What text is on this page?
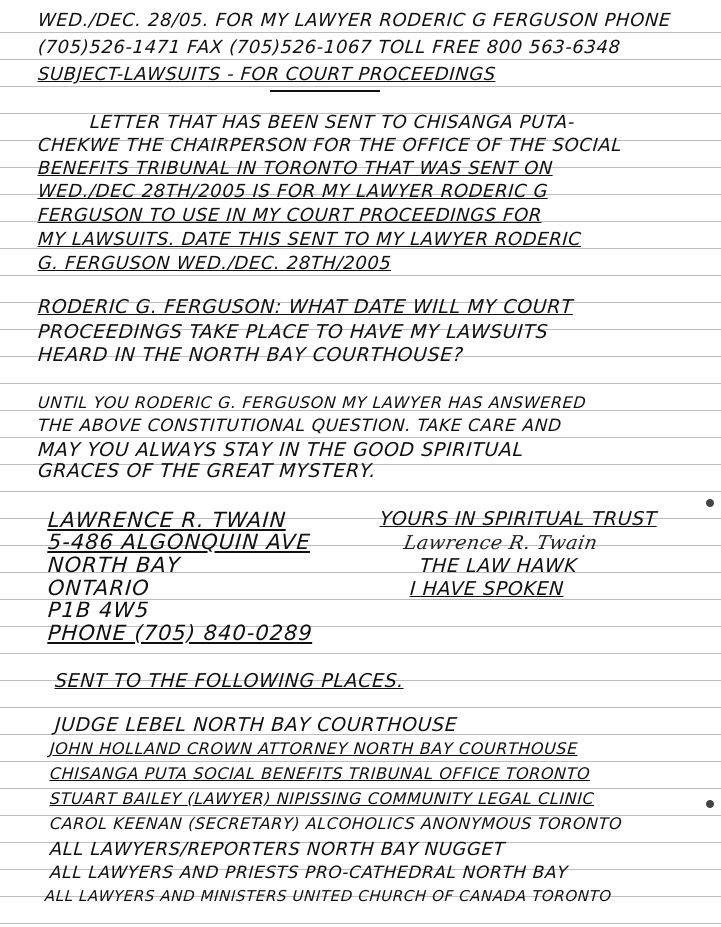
WED./DEC. 28/05. FOR MY LAWYER RODERIC G FERGUSON PHONE
(705)526-1471 FAX (705)526-1067 TOLL FREE 800 563-6348
SUBJECT-LAWSUITS - FOR COURT PROCEEDINGS
LETTER THAT HAS BEEN SENT TO CHISANGA PUTA-
CHEKWE THE CHAIRPERSON FOR THE OFFICE OF THE SOCIAL
BENEFITS TRIBUNAL IN TORONTO THAT WAS SENT ON
WED./DEC 28TH/2005 IS FOR MY LAWYER RODERIC G
FERGUSON TO USE IN MY COURT PROCEEDINGS FOR
MY LAWSUITS. DATE THIS SENT TO MY LAWYER RODERIC
G. FERGUSON WED./DEC. 28TH/2005
RODERIC G. FERGUSON: WHAT DATE WILL MY COURT
PROCEEDINGS TAKE PLACE TO HAVE MY LAWSUITS
HEARD IN THE NORTH BAY COURTHOUSE?
UNTIL YOU RODERIC G. FERGUSON MY LAWYER HAS ANSWERED
THE ABOVE CONSTITUTIONAL QUESTION. TAKE CARE AND
MAY YOU ALWAYS STAY IN THE GOOD SPIRITUAL
GRACES OF THE GREAT MYSTERY.
LAWRENCE R. TWAIN
5-486 ALGONQUIN AVE
NORTH BAY
ONTARIO
P1B 4W5
PHONE (705) 840-0289
YOURS IN SPIRITUAL TRUST
Lawrence R. Twain
THE LAW HAWK
I HAVE SPOKEN
SENT TO THE FOLLOWING PLACES.
JUDGE LEBEL NORTH BAY COURTHOUSE
JOHN HOLLAND CROWN ATTORNEY NORTH BAY COURTHOUSE
CHISANGA PUTA SOCIAL BENEFITS TRIBUNAL OFFICE TORONTO
STUART BAILEY (LAWYER) NIPISSING COMMUNITY LEGAL CLINIC
CAROL KEENAN (SECRETARY) ALCOHOLICS ANONYMOUS TORONTO
ALL LAWYERS/REPORTERS NORTH BAY NUGGET
ALL LAWYERS AND PRIESTS PRO-CATHEDRAL NORTH BAY
ALL LAWYERS AND MINISTERS UNITED CHURCH OF CANADA TORONTO
